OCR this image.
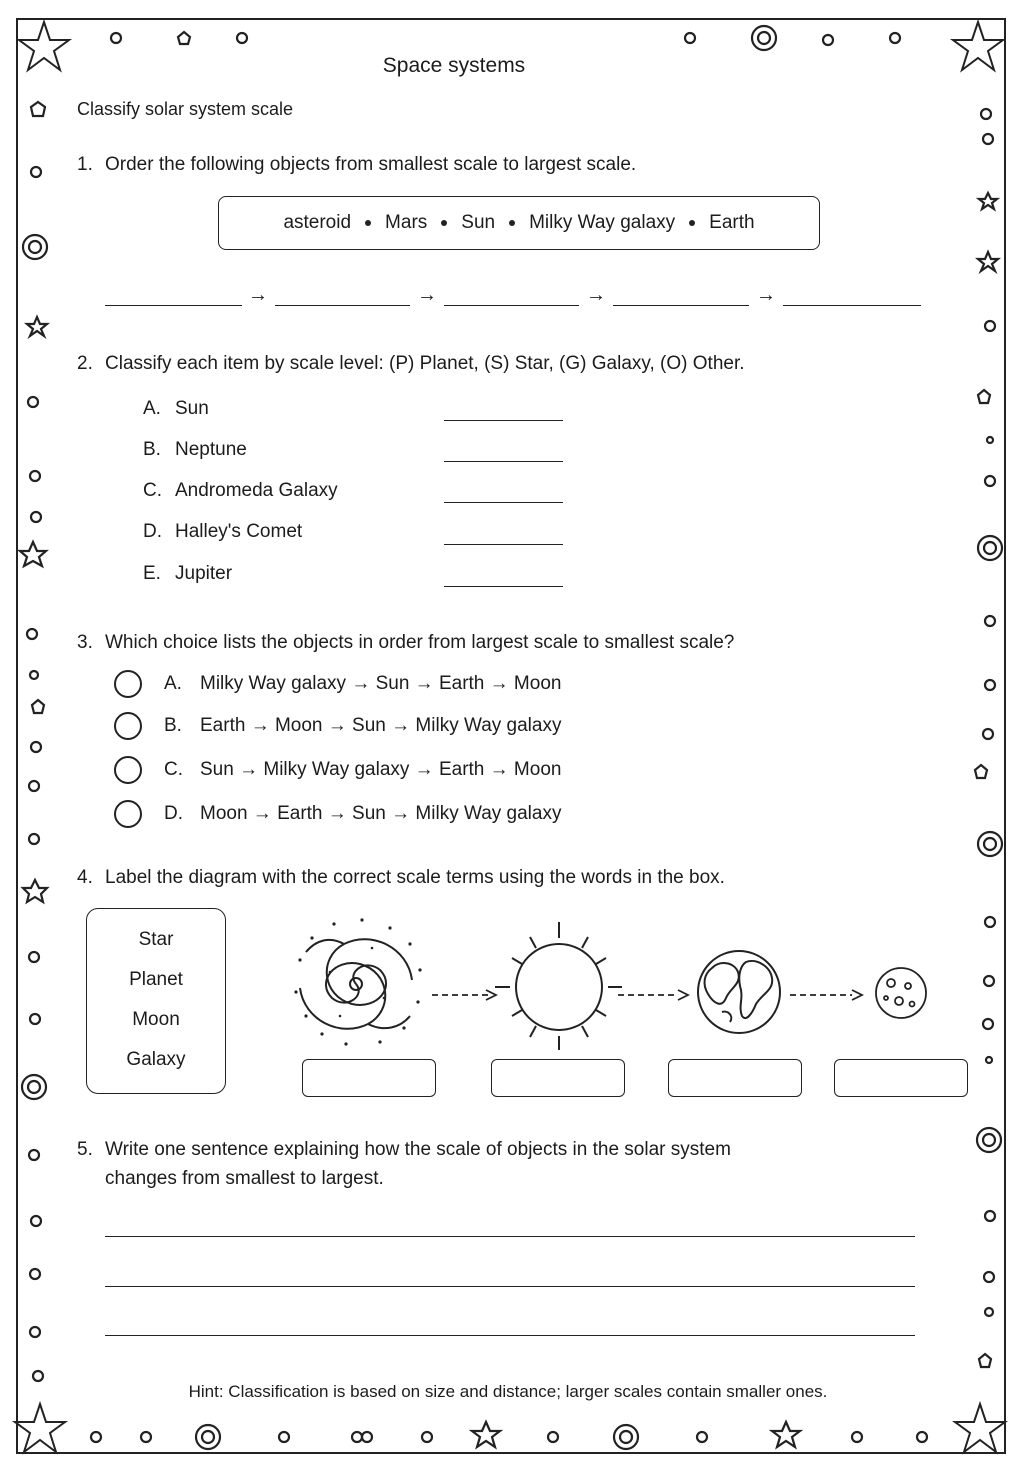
Space systems
Classify solar system scale
1. Order the following objects from smallest scale to largest scale.
asteroid Mars Sun Milky Way galaxy Earth
→	→	→	→
2. Classify each item by scale level: (P) Planet, (S) Star, (G) Galaxy, (O) Other.
A. Sun
B. Neptune
C. Andromeda Galaxy
D. Halley's Comet
E. Jupiter
3. Which choice lists the objects in order from largest scale to smallest scale?
A. Milky Way galaxy → Sun → Earth → Moon
B. Earth → Moon → Sun → Milky Way galaxy
C. Sun → Milky Way galaxy → Earth → Moon
D. Moon → Earth → Sun → Milky Way galaxy
4. Label the diagram with the correct scale terms using the words in the box.
Star
Planet
Moon
Galaxy
5. Write one sentence explaining how the scale of objects in the solar system
changes from smallest to largest.
Hint: Classification is based on size and distance; larger scales contain smaller ones.
